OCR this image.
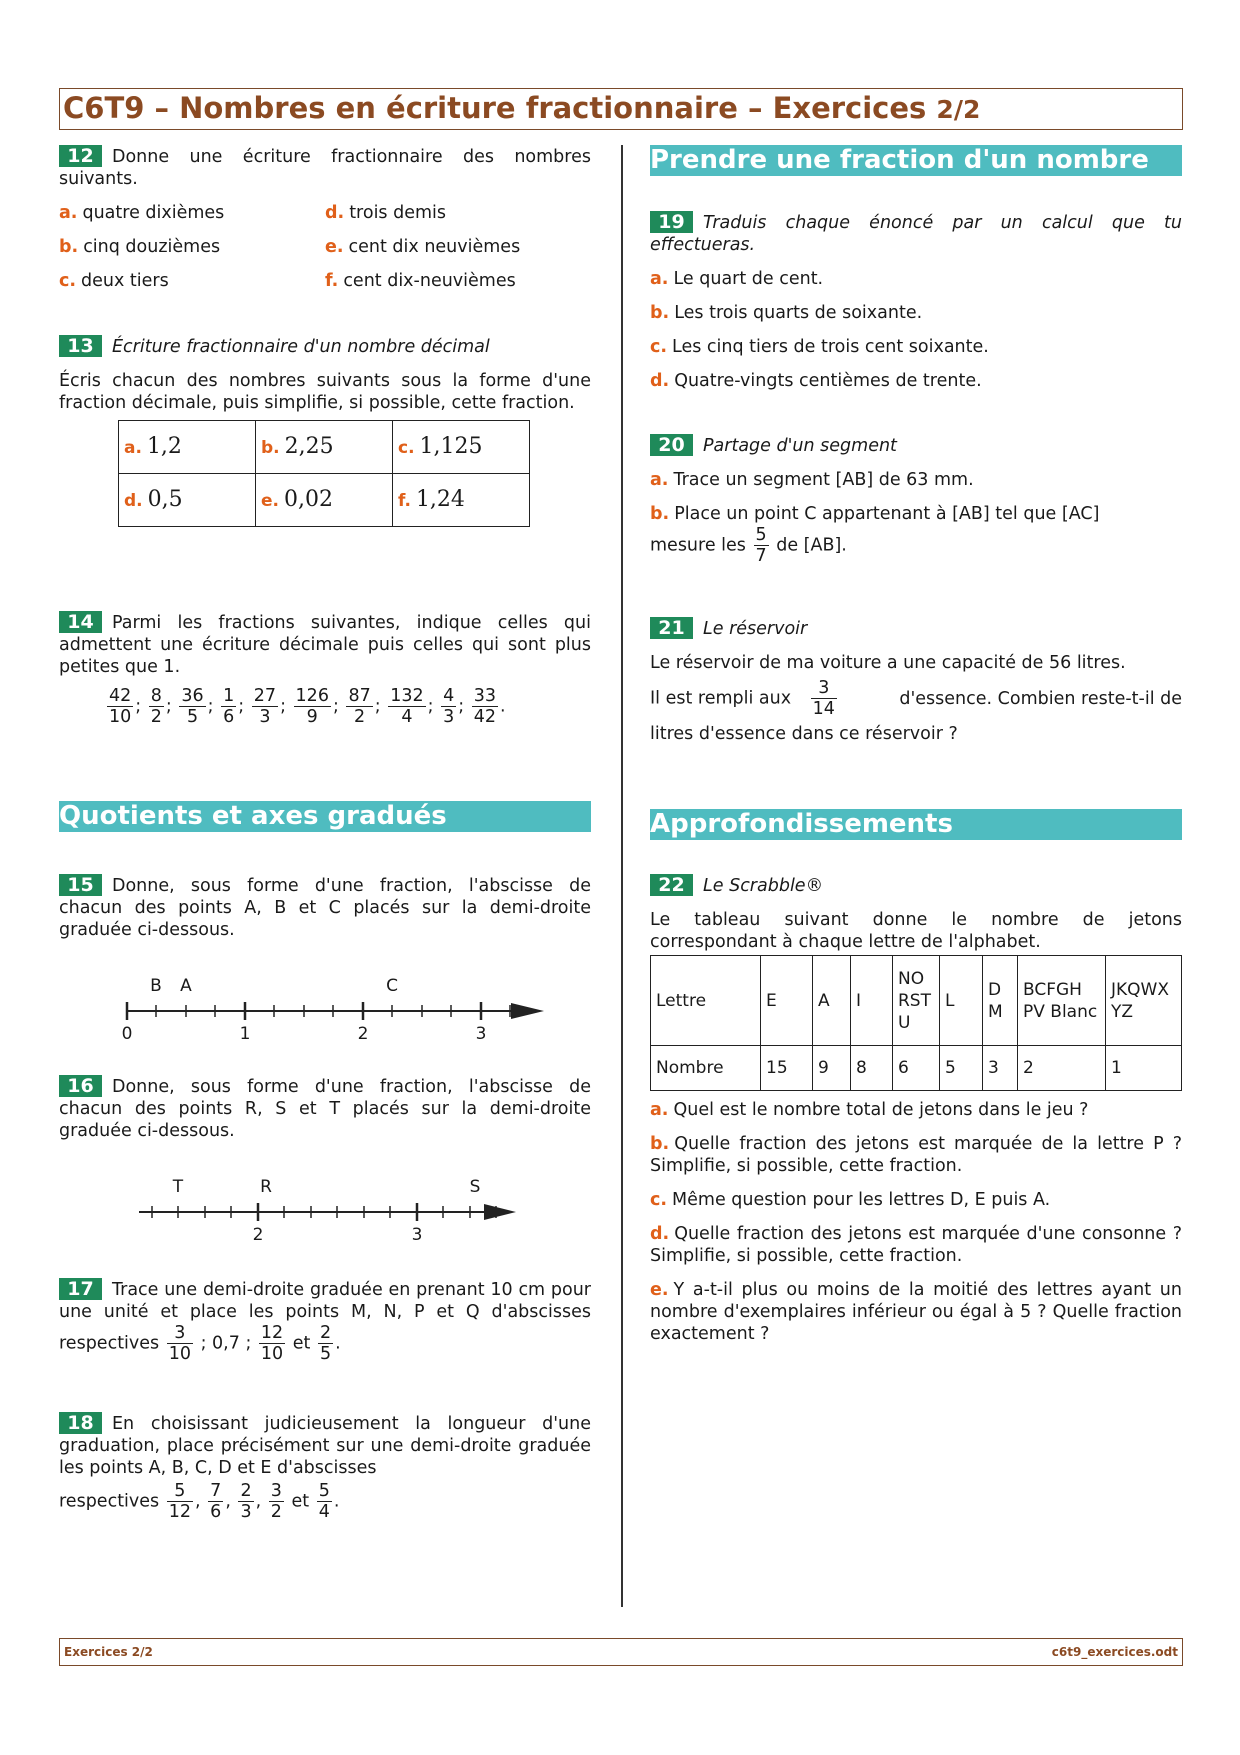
C6T9 – Nombres en écriture fractionnaire – Exercices 2/2

12 Donne une écriture fractionnaire des nombres suivants.

a. quatre dixièmes	d. trois demis
b. cinq douzièmes	e. cent dix neuvièmes
c. deux tiers	f. cent dix-neuvièmes

13 Écriture fractionnaire d'un nombre décimal

Écris chacun des nombres suivants sous la forme d'une fraction décimale, puis simplifie, si possible, cette fraction.

a. 1,2	b. 2,25	c. 1,125
d. 0,5	e. 0,02	f. 1,24

14 Parmi les fractions suivantes, indique celles qui admettent une écriture décimale puis celles qui sont plus petites que 1.

$\frac{42}{10}$ ; $\frac{8}{2}$ ; $\frac{36}{5}$ ; $\frac{1}{6}$ ; $\frac{27}{3}$ ; $\frac{126}{9}$ ; $\frac{87}{2}$ ; $\frac{132}{4}$ ; $\frac{4}{3}$ ; $\frac{33}{42}$ .
Quotients et axes gradués

15 Donne, sous forme d'une fraction, l'abscisse de chacun des points A, B et C placés sur la demi-droite graduée ci-dessous.

B A	C
0	1	2	3

16 Donne, sous forme d'une fraction, l'abscisse de chacun des points R, S et T placés sur la demi-droite graduée ci-dessous.

T	R	S
2	3

17 Trace une demi-droite graduée en prenant 10 cm pour une unité et place les points M, N, P et Q d'abscisses respectives $\frac{3}{10}$ ; 0,7 ; $\frac{12}{10}$ et $\frac{2}{5}$ .

18 En choisissant judicieusement la longueur d'une graduation, place précisément sur une demi-droite graduée les points A, B, C, D et E d'abscisses

respectives $\frac{5}{12}$ , $\frac{7}{6}$ , $\frac{2}{3}$ , $\frac{3}{2}$ et $\frac{5}{4}$ .

Prendre une fraction d'un nombre

19 Traduis chaque énoncé par un calcul que tu effectueras.

a. Le quart de cent.
b. Les trois quarts de soixante.
c. Les cinq tiers de trois cent soixante.
d. Quatre-vingts centièmes de trente.

20 Partage d'un segment

a. Trace un segment [AB] de 63 mm.

b. Place un point C appartenant à [AB] tel que [AC]

mesure les $\frac{5}{7}$ de [AB].

21 Le réservoir

Le réservoir de ma voiture a une capacité de 56 litres.

Il est rempli aux $\frac{3}{14}$	d'essence. Combien reste-t-il de

litres d'essence dans ce réservoir ?

Approfondissements

22 Le Scrabble®

Le tableau suivant donne le nombre de jetons correspondant à chaque lettre de l'alphabet.

Lettre	E	A	I	NO RST U	L	D M	BCFGH PV Blanc	JKQWX YZ
Nombre	15	9	8	6	5	3	2	1

a. Quel est le nombre total de jetons dans le jeu ?

b. Quelle fraction des jetons est marquée de la lettre P ? Simplifie, si possible, cette fraction.

c. Même question pour les lettres D, E puis A.

d. Quelle fraction des jetons est marquée d'une consonne ? Simplifie, si possible, cette fraction.

e. Y a-t-il plus ou moins de la moitié des lettres ayant un nombre d'exemplaires inférieur ou égal à 5 ? Quelle fraction exactement ?

Exercices 2/2	c6t9_exercices.odt
